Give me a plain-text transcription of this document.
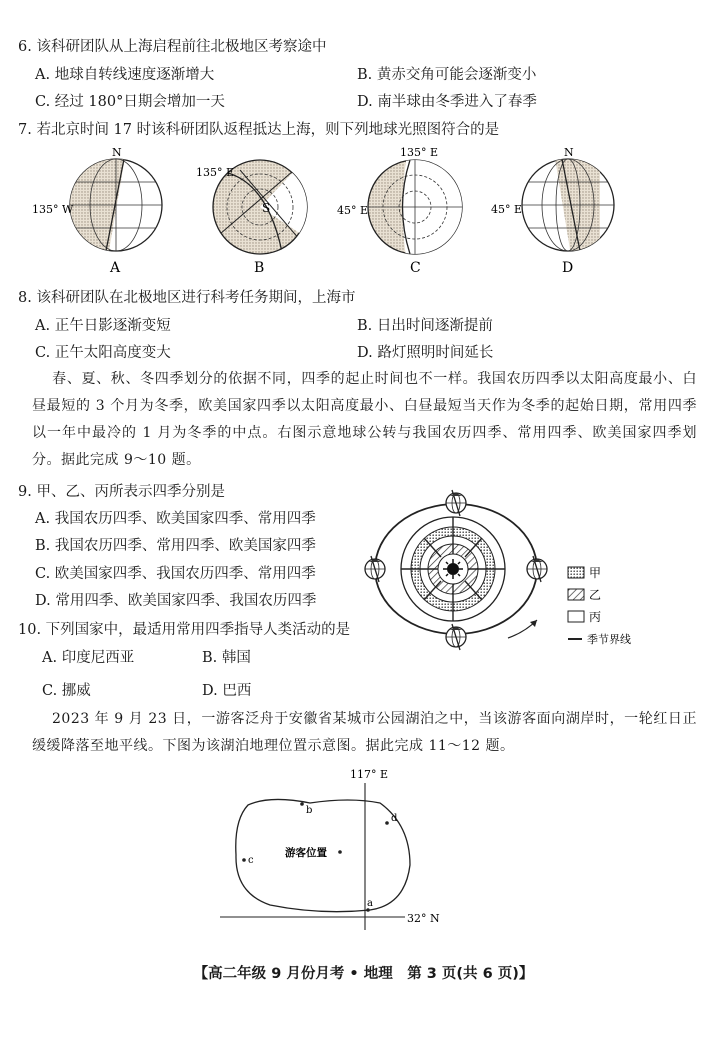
6. 该科研团队从上海启程前往北极地区考察途中
A. 地球自转线速度逐渐增大	B. 黄赤交角可能会逐渐变小
C. 经过 180°日期会增加一天	D. 南半球由冬季进入了春季
7. 若北京时间 17 时该科研团队返程抵达上海，则下列地球光照图符合的是
N
135° W
A
S
135° E
B
135° E
45° E
C
N
45° E
D
8. 该科研团队在北极地区进行科考任务期间，上海市
A. 正午日影逐渐变短	B. 日出时间逐渐提前
C. 正午太阳高度变大	D. 路灯照明时间延长
春、夏、秋、冬四季划分的依据不同，四季的起止时间也不一样。我国农历四季以太阳高度最小、白昼最短的 3 个月为冬季，欧美国家四季以太阳高度最小、白昼最短当天作为冬季的起始日期，常用四季以一年中最冷的 1 月为冬季的中点。右图示意地球公转与我国农历四季、常用四季、欧美国家四季划分。据此完成 9～10 题。
9. 甲、乙、丙所表示四季分别是
A. 我国农历四季、欧美国家四季、常用四季
B. 我国农历四季、常用四季、欧美国家四季
C. 欧美国家四季、我国农历四季、常用四季
D. 常用四季、欧美国家四季、我国农历四季
甲
乙
丙
季节界线
10. 下列国家中，最适用常用四季指导人类活动的是
A. 印度尼西亚	B. 韩国
C. 挪威	D. 巴西
2023 年 9 月 23 日，一游客泛舟于安徽省某城市公园湖泊之中，当该游客面向湖岸时，一轮红日正缓缓降落至地平线。下图为该湖泊地理位置示意图。据此完成 11～12 题。
117° E
32° N
b
d
c
a
游客位置
【高二年级 9 月份月考 • 地理　第 3 页(共 6 页)】
